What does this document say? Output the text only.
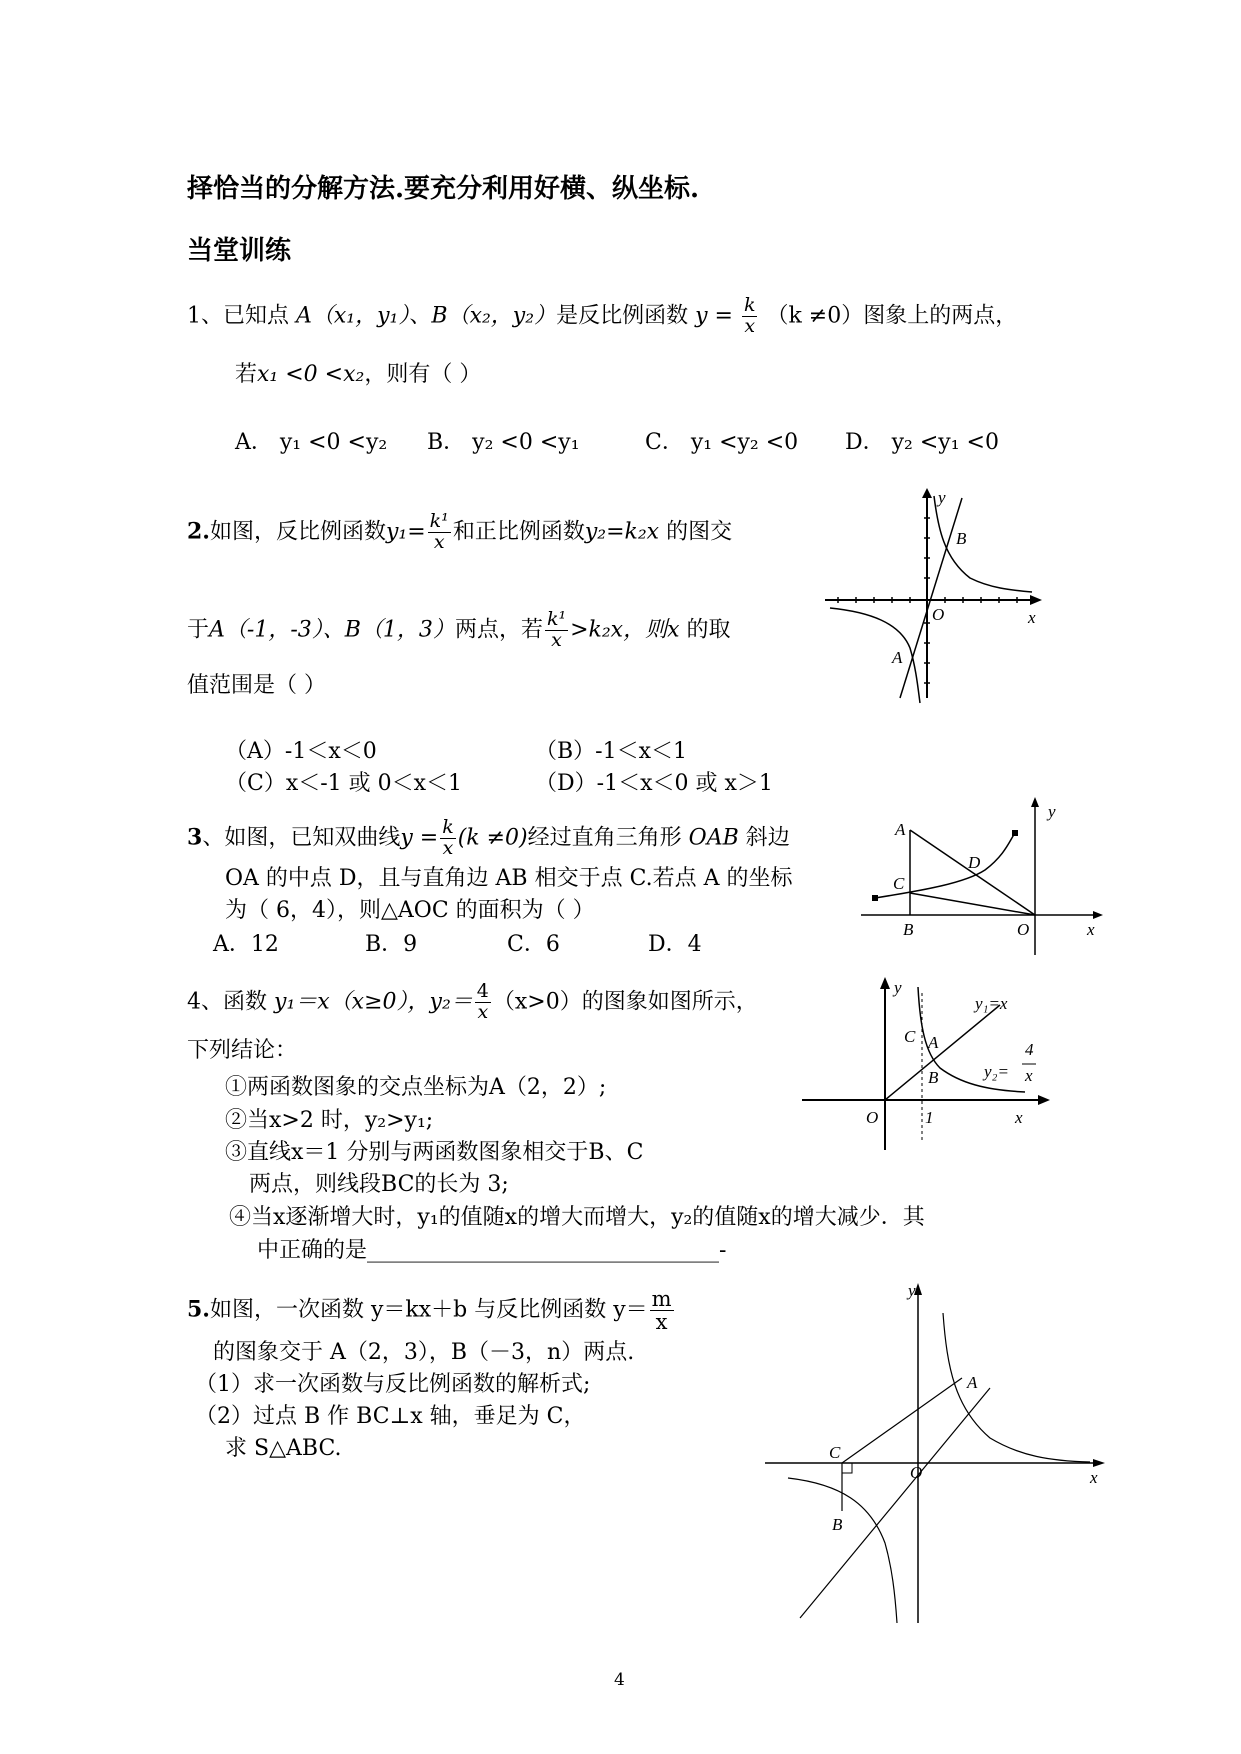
择恰当的分解方法.要充分利用好横、纵坐标.
当堂训练
1、已知点 A（x₁，y₁）、B（x₂，y₂）是反比例函数 $y = \frac{k}{x} (k \ne 0)$图象上的两点，
若x₁ <0 <x₂，则有（ ）
A． y₁ <0 <y₂ B． y₂ <0 <y₁	C． y₁ <y₂ <0 D． y₂ <y₁ <0
2.如图，反比例函数$y_1= \frac{\text{k¹}}{x}$ 和正比例函数y₂=k₂x 的图交
于A（-1，-3）、B（1，3）两点，若 $\frac{\text{k¹}}{x} >k_2x$，则x 的取
值范围是（ ）
（A）-1＜x＜0	（B）-1＜x＜1
（C）x＜-1 或 0＜x＜1	（D）-1＜x＜0 或 x＞1
y
B
O	x
A
3、如图，已知双曲线$y = \frac{k}{x} (k \ne 0)$经过直角三角形 OAB 斜边
OA 的中点 D，且与直角边 AB 相交于点 C.若点 A 的坐标
为（ 6，4），则△AOC 的面积为（ ）
A．12	B．9	C．6	D．4
y
A
D
C
B	O	x
4、函数 y₁＝x（x≥0），$y_2= \frac{4}{x} (x>0)$的图象如图所示，
下列结论：
①两函数图象的交点坐标为A（2，2）;
②当x>2 时，y₂>y₁;
③直线x＝1 分别与两函数图象相交于B、C
两点，则线段BC的长为 3;
④当x逐渐增大时，y₁的值随x的增大而增大，y₂的值随x的增大减少．其
中正确的是________________________________-
y
y₁=x
C A
B	y₂=
4
x
O	1	x
5.如图，一次函数 y＝kx＋b 与反比例函数 $y= \frac{m}{x}$
的图象交于 A（2，3），B（－3，n）两点.
（1）求一次函数与反比例函数的解析式;
（2）过点 B 作 BC⊥x 轴，垂足为 C，
求 S△ABC.
y
A
C
O	x
B
4
